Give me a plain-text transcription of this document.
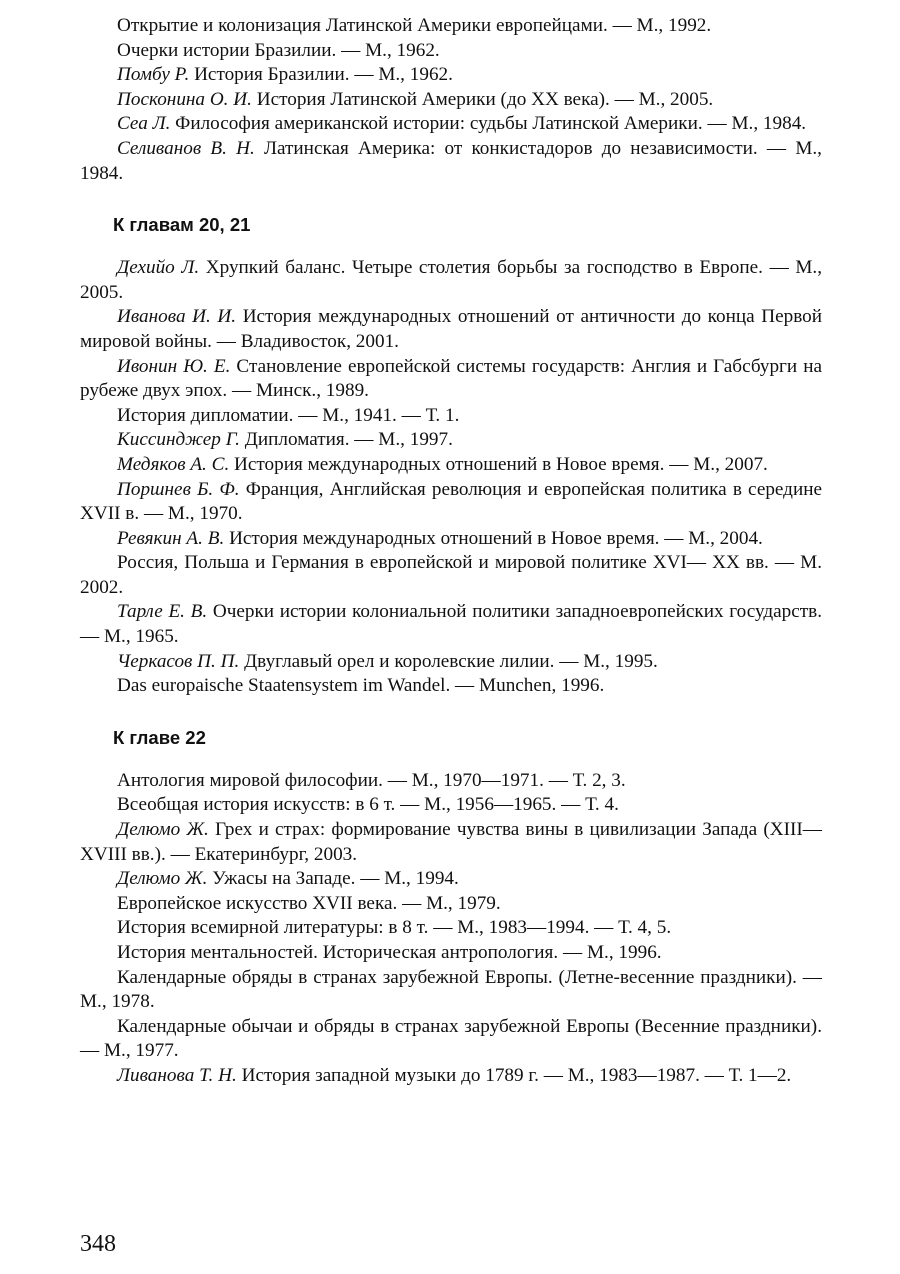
Открытие и колонизация Латинской Америки европейцами. — М., 1992.
Очерки истории Бразилии. — М., 1962.
Помбу Р. История Бразилии. — М., 1962.
Посконина О. И. История Латинской Америки (до XX века). — М., 2005.
Сеа Л. Философия американской истории: судьбы Латинской Америки. — М., 1984.
Селиванов В. Н. Латинская Америка: от конкистадоров до независимости. — М., 1984.
К главам 20, 21
Дехийо Л. Хрупкий баланс. Четыре столетия борьбы за господство в Европе. — М., 2005.
Иванова И. И. История международных отношений от античности до конца Первой мировой войны. — Владивосток, 2001.
Ивонин Ю. Е. Становление европейской системы государств: Англия и Габсбурги на рубеже двух эпох. — Минск., 1989.
История дипломатии. — М., 1941. — Т. 1.
Киссинджер Г. Дипломатия. — М., 1997.
Медяков А. С. История международных отношений в Новое время. — М., 2007.
Поршнев Б. Ф. Франция, Английская революция и европейская политика в середине XVII в. — М., 1970.
Ревякин А. В. История международных отношений в Новое время. — М., 2004.
Россия, Польша и Германия в европейской и мировой политике XVI— XX вв. — М. 2002.
Тарле Е. В. Очерки истории колониальной политики западноевропейских государств. — М., 1965.
Черкасов П. П. Двуглавый орел и королевские лилии. — М., 1995.
Das europaische Staatensystem im Wandel. — Munchen, 1996.
К главе 22
Антология мировой философии. — М., 1970—1971. — Т. 2, 3.
Всеобщая история искусств: в 6 т. — М., 1956—1965. — Т. 4.
Делюмо Ж. Грех и страх: формирование чувства вины в цивилизации Запада (XIII—XVIII вв.). — Екатеринбург, 2003.
Делюмо Ж. Ужасы на Западе. — М., 1994.
Европейское искусство XVII века. — М., 1979.
История всемирной литературы: в 8 т. — М., 1983—1994. — Т. 4, 5.
История ментальностей. Историческая антропология. — М., 1996.
Календарные обряды в странах зарубежной Европы. (Летне-весенние праздники). — М., 1978.
Календарные обычаи и обряды в странах зарубежной Европы (Весенние праздники). — М., 1977.
Ливанова Т. Н. История западной музыки до 1789 г. — М., 1983—1987. — Т. 1—2.
348
